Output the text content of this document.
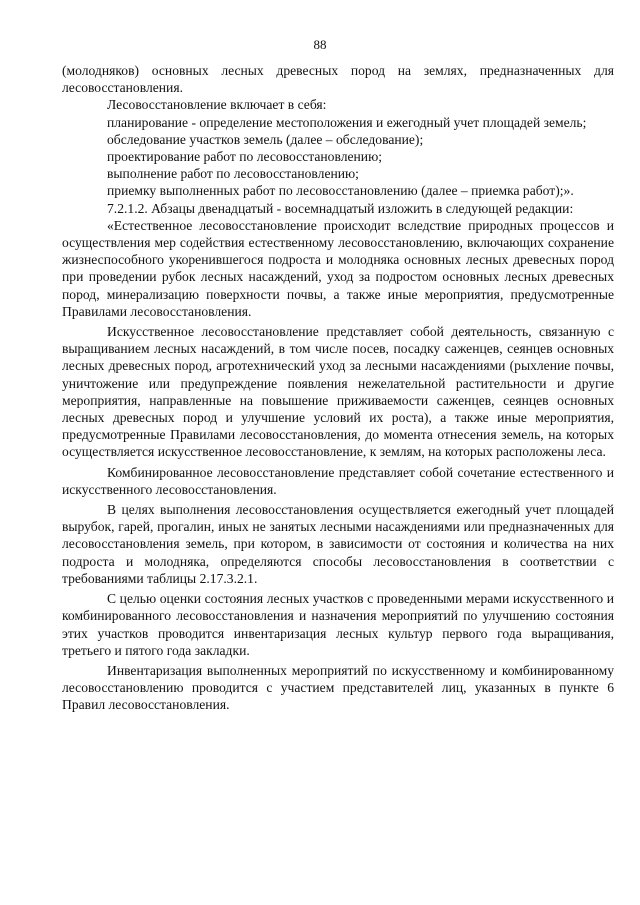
88

(молодняков) основных лесных древесных пород на землях, предназначенных для лесовосстановления.

Лесовосстановление включает в себя:

планирование - определение местоположения и ежегодный учет площадей земель;

обследование участков земель (далее – обследование);

проектирование работ по лесовосстановлению;

выполнение работ по лесовосстановлению;

приемку выполненных работ по лесовосстановлению (далее – приемка работ);».

7.2.1.2. Абзацы двенадцатый - восемнадцатый изложить в следующей редакции:

«Естественное лесовосстановление происходит вследствие природных процессов и осуществления мер содействия естественному лесовосстановлению, включающих сохранение жизнеспособного укоренившегося подроста и молодняка основных лесных древесных пород при проведении рубок лесных насаждений, уход за подростом основных лесных древесных пород, минерализацию поверхности почвы, а также иные мероприятия, предусмотренные Правилами лесовосстановления.

Искусственное лесовосстановление представляет собой деятельность, связанную с выращиванием лесных насаждений, в том числе посев, посадку саженцев, сеянцев основных лесных древесных пород, агротехнический уход за лесными насаждениями (рыхление почвы, уничтожение или предупреждение появления нежелательной растительности и другие мероприятия, направленные на повышение приживаемости саженцев, сеянцев основных лесных древесных пород и улучшение условий их роста), а также иные мероприятия, предусмотренные Правилами лесовосстановления, до момента отнесения земель, на которых осуществляется искусственное лесовосстановление, к землям, на которых расположены леса.

Комбинированное лесовосстановление представляет собой сочетание естественного и искусственного лесовосстановления.

В целях выполнения лесовосстановления осуществляется ежегодный учет площадей вырубок, гарей, прогалин, иных не занятых лесными насаждениями или предназначенных для лесовосстановления земель, при котором, в зависимости от состояния и количества на них подроста и молодняка, определяются способы лесовосстановления в соответствии с требованиями таблицы 2.17.3.2.1.

С целью оценки состояния лесных участков с проведенными мерами искусственного и комбинированного лесовосстановления и назначения мероприятий по улучшению состояния этих участков проводится инвентаризация лесных культур первого года выращивания, третьего и пятого года закладки.

Инвентаризация выполненных мероприятий по искусственному и комбинированному лесовосстановлению проводится с участием представителей лиц, указанных в пункте 6 Правил лесовосстановления.
